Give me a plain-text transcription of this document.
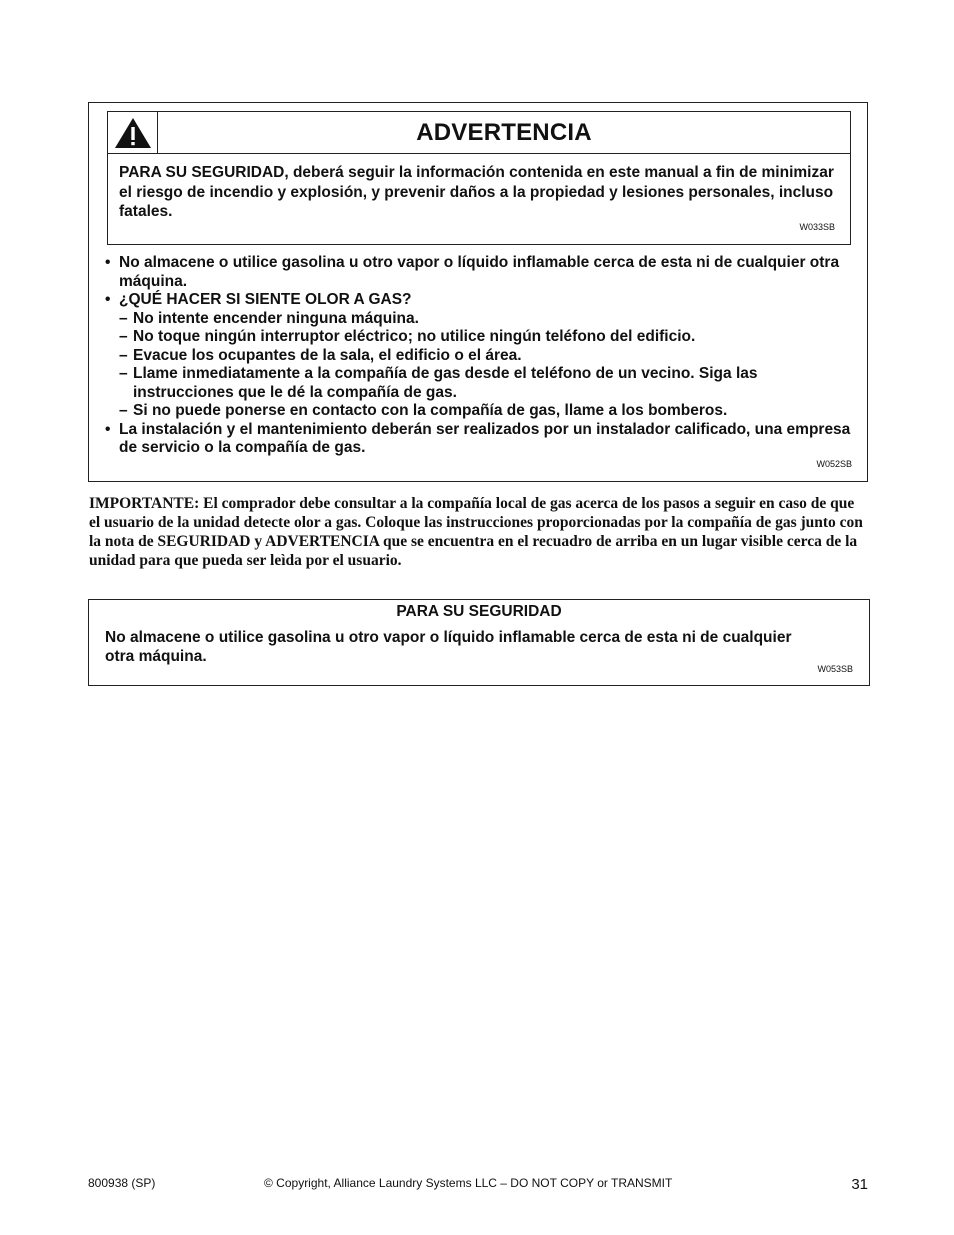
ADVERTENCIA
PARA SU SEGURIDAD, deberá seguir la información contenida en este manual a fin de minimizar el riesgo de incendio y explosión, y prevenir daños a la propiedad y lesiones personales, incluso fatales.
W033SB
• No almacene o utilice gasolina u otro vapor o líquido inflamable cerca de esta ni de cualquier otra máquina.
• ¿QUÉ HACER SI SIENTE OLOR A GAS?
– No intente encender ninguna máquina.
– No toque ningún interruptor eléctrico; no utilice ningún teléfono del edificio.
– Evacue los ocupantes de la sala, el edificio o el área.
– Llame inmediatamente a la compañía de gas desde el teléfono de un vecino. Siga las instrucciones que le dé la compañía de gas.
– Si no puede ponerse en contacto con la compañía de gas, llame a los bomberos.
• La instalación y el mantenimiento deberán ser realizados por un instalador calificado, una empresa de servicio o la compañía de gas.
W052SB
IMPORTANTE: El comprador debe consultar a la compañía local de gas acerca de los pasos a seguir en caso de que el usuario de la unidad detecte olor a gas. Coloque las instrucciones proporcionadas por la compañía de gas junto con la nota de SEGURIDAD y ADVERTENCIA que se encuentra en el recuadro de arriba en un lugar visible cerca de la unidad para que pueda ser leìda por el usuario.
PARA SU SEGURIDAD
No almacene o utilice gasolina u otro vapor o líquido inflamable cerca de esta ni de cualquier otra máquina.
W053SB
800938 (SP)	© Copyright, Alliance Laundry Systems LLC – DO NOT COPY or TRANSMIT	31
